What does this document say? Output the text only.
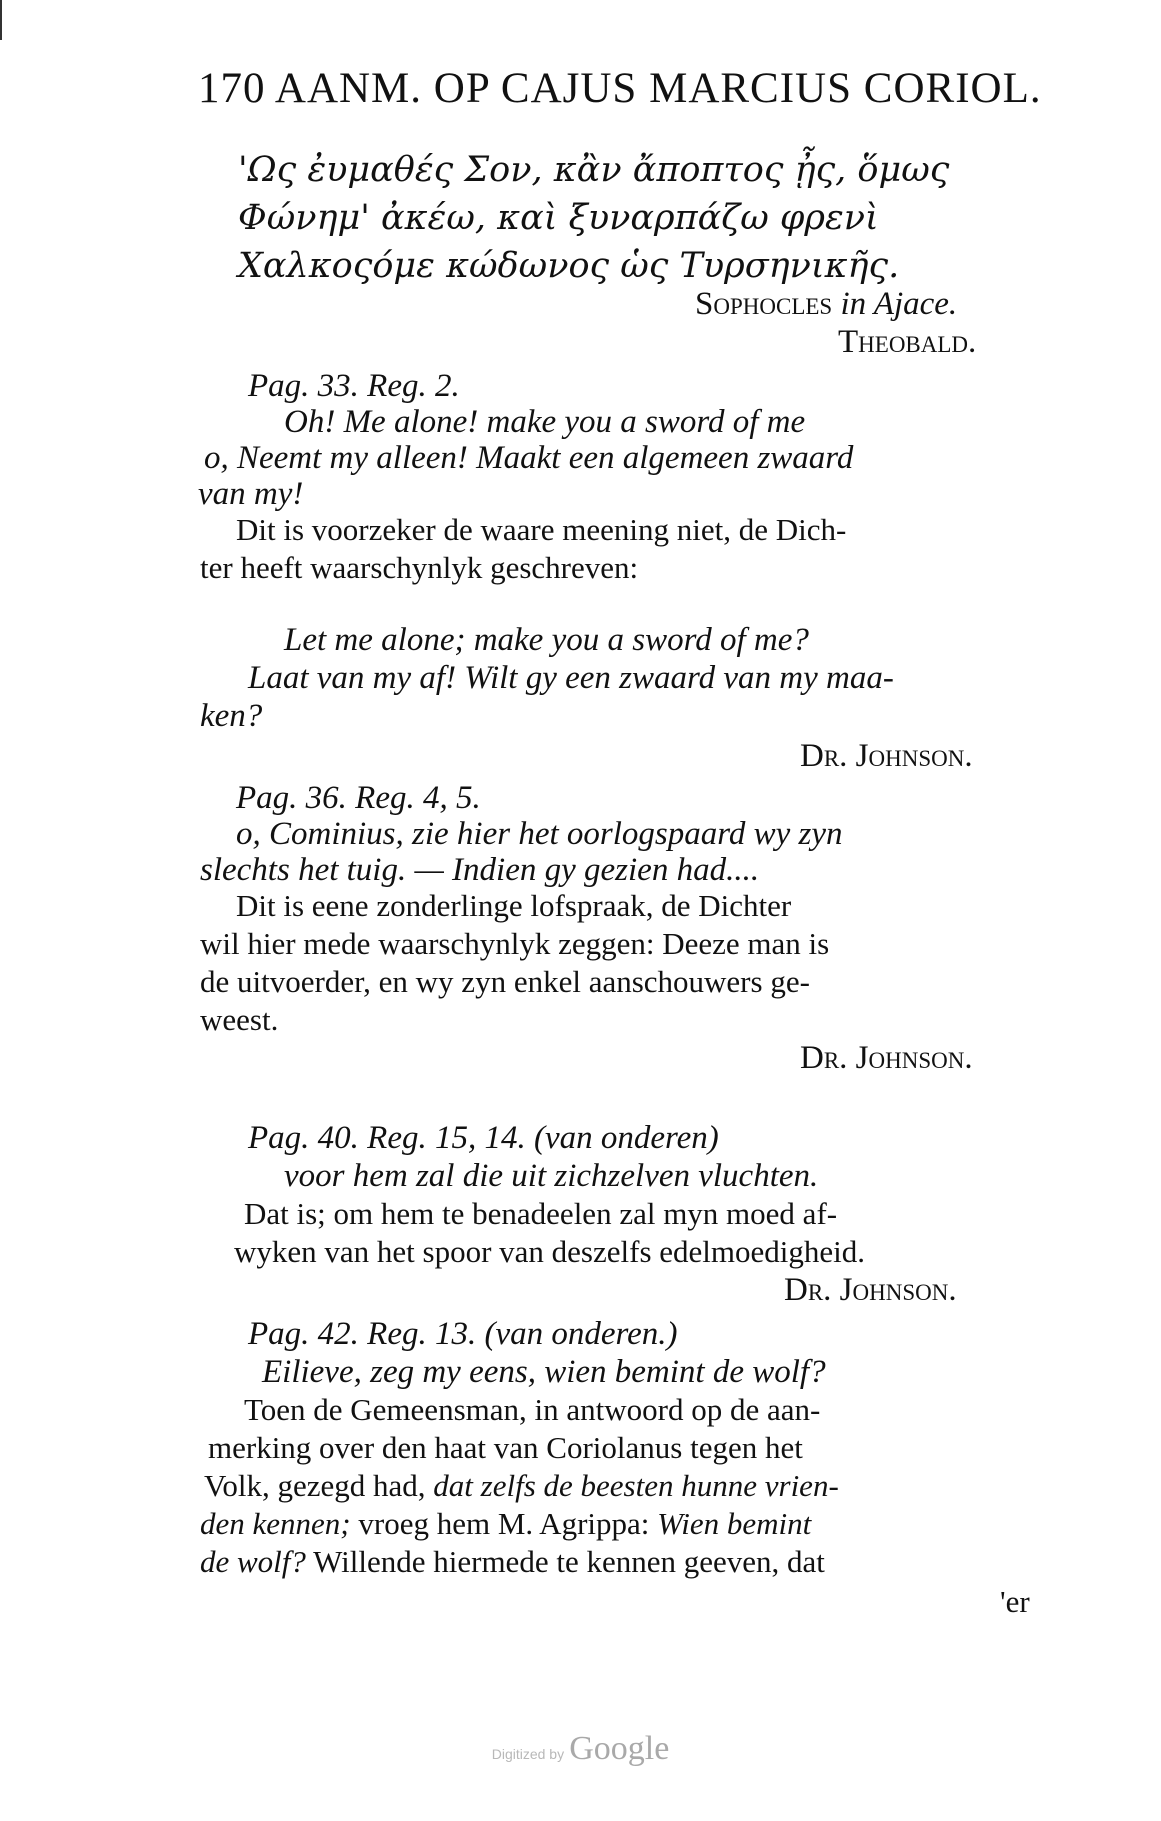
170 AANM. OP CAJUS MARCIUS CORIOL.
'Ως ἐυμαθές Σον, κἂν ἄποπτος ᾖς, ὅμως
Φώνημ' ἀκέω, καὶ ξυναρπάζω φρενὶ
Χαλκοςόμε κώδωνος ὡς Τυρσηνικῆς.
Sophocles in Ajace.
Theobald.
Pag. 33. Reg. 2.
Oh! Me alone! make you a sword of me
o, Neemt my alleen! Maakt een algemeen zwaard
van my!
Dit is voorzeker de waare meening niet, de Dich-
ter heeft waarschynlyk geschreven:
Let me alone; make you a sword of me?
Laat van my af! Wilt gy een zwaard van my maa-
ken?
Dr. Johnson.
Pag. 36. Reg. 4, 5.
o, Cominius, zie hier het oorlogspaard wy zyn
slechts het tuig. — Indien gy gezien had....
Dit is eene zonderlinge lofspraak, de Dichter
wil hier mede waarschynlyk zeggen: Deeze man is
de uitvoerder, en wy zyn enkel aanschouwers ge-
weest.
Dr. Johnson.
Pag. 40. Reg. 15, 14. (van onderen)
voor hem zal die uit zichzelven vluchten.
Dat is; om hem te benadeelen zal myn moed af-
wyken van het spoor van deszelfs edelmoedigheid.
Dr. Johnson.
Pag. 42. Reg. 13. (van onderen.)
Eilieve, zeg my eens, wien bemint de wolf?
Toen de Gemeensman, in antwoord op de aan-
merking over den haat van Coriolanus tegen het
Volk, gezegd had, dat zelfs de beesten hunne vrien-
den kennen; vroeg hem M. Agrippa: Wien bemint
de wolf? Willende hiermede te kennen geeven, dat
'er
Digitized by Google
